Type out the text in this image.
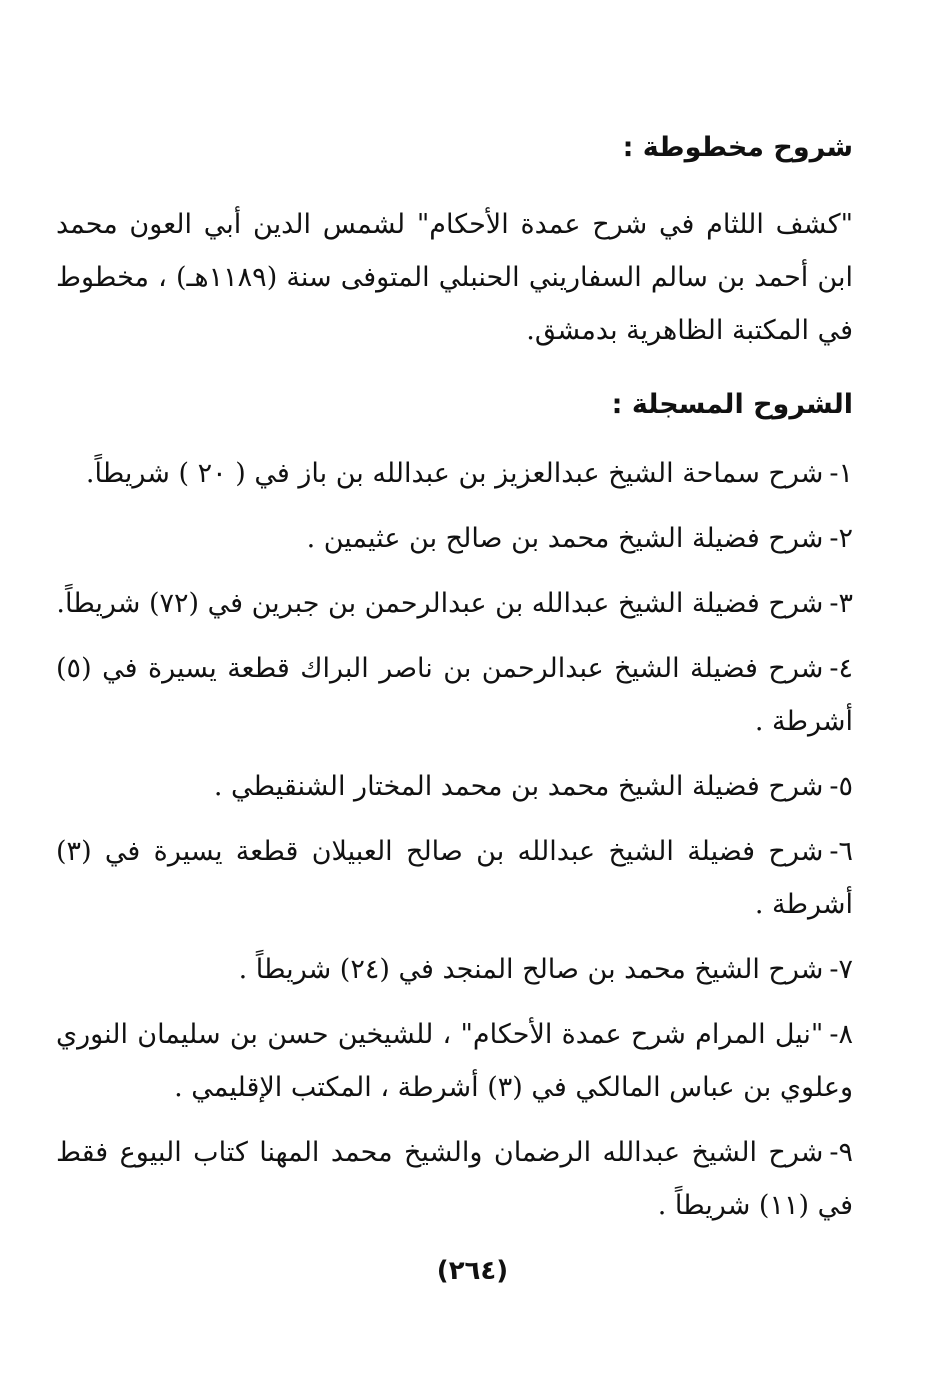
شروح مخطوطة :

"كشف اللثام في شرح عمدة الأحكام" لشمس الدين أبي العون محمد ابن أحمد بن سالم السفاريني الحنبلي المتوفى سنة (١١٨٩هـ) ، مخطوط في المكتبة الظاهرية بدمشق.

الشروح المسجلة :

١-شرح سماحة الشيخ عبدالعزيز بن عبدالله بن باز في ( ٢٠ ) شريطاً.

٢-شرح فضيلة الشيخ محمد بن صالح بن عثيمين .

٣-شرح فضيلة الشيخ عبدالله بن عبدالرحمن بن جبرين في (٧٢) شريطاً.

٤-شرح فضيلة الشيخ عبدالرحمن بن ناصر البراك قطعة يسيرة في (٥) أشرطة .

٥-شرح فضيلة الشيخ محمد بن محمد المختار الشنقيطي .

٦-شرح فضيلة الشيخ عبدالله بن صالح العبيلان قطعة يسيرة في (٣) أشرطة .

٧-شرح الشيخ محمد بن صالح المنجد في (٢٤) شريطاً .

٨-"نيل المرام شرح عمدة الأحكام" ، للشيخين حسن بن سليمان النوري وعلوي بن عباس المالكي في (٣) أشرطة ، المكتب الإقليمي .

٩-شرح الشيخ عبدالله الرضمان والشيخ محمد المهنا كتاب البيوع فقط في (١١) شريطاً .

(٢٦٤)
